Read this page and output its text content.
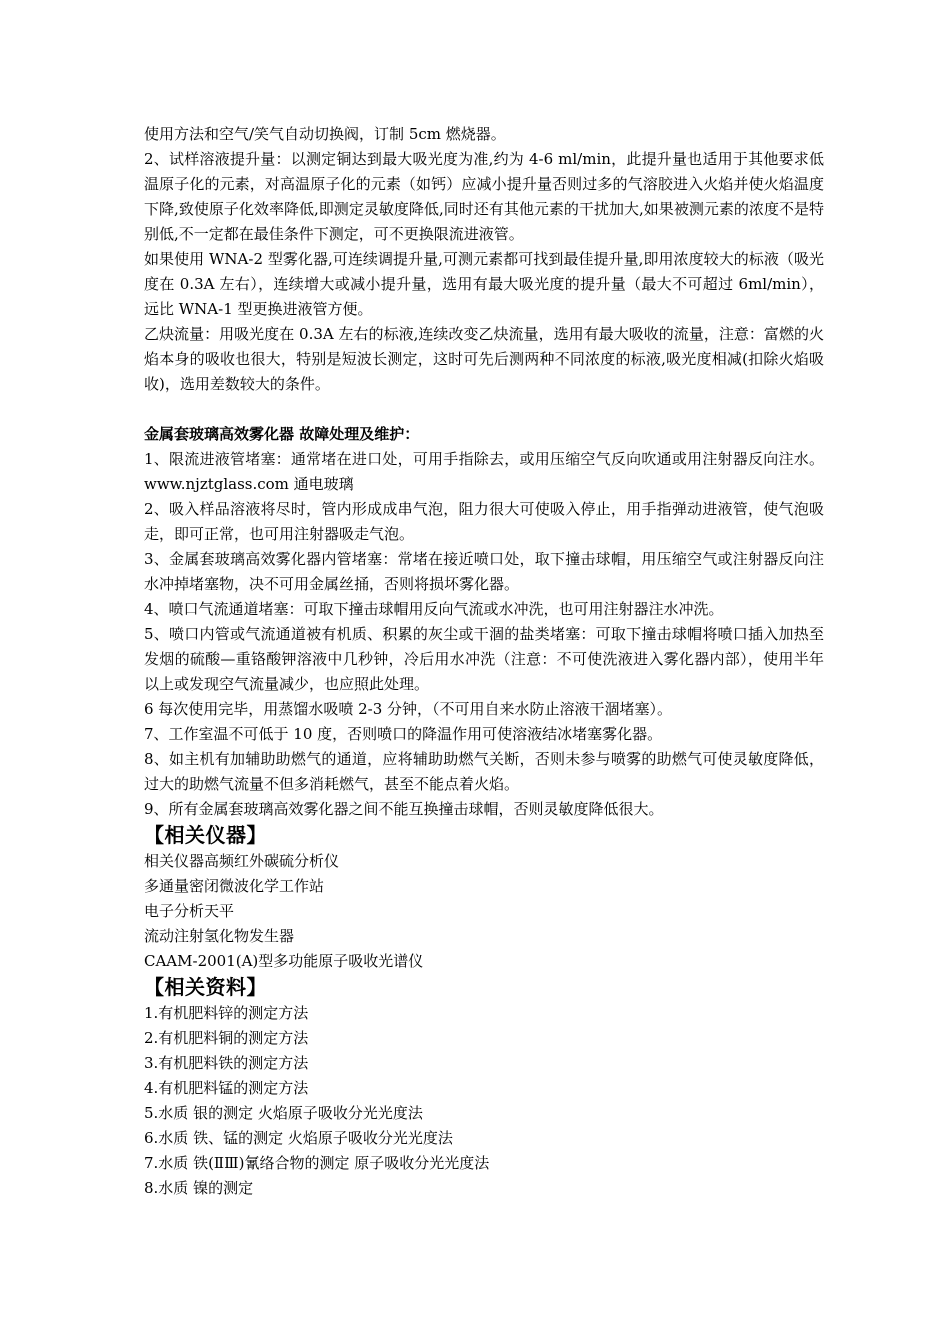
使用方法和空气/笑气自动切换阀，订制 5cm 燃烧器。

2、试样溶液提升量：以测定铜达到最大吸光度为准,约为 4-6 ml/min，此提升量也适用于其他要求低温原子化的元素，对高温原子化的元素（如钙）应减小提升量否则过多的气溶胶进入火焰并使火焰温度下降,致使原子化效率降低,即测定灵敏度降低,同时还有其他元素的干扰加大,如果被测元素的浓度不是特别低,不一定都在最佳条件下测定，可不更换限流进液管。

如果使用 WNA-2 型雾化器,可连续调提升量,可测元素都可找到最佳提升量,即用浓度较大的标液（吸光度在 0.3A 左右），连续增大或减小提升量，选用有最大吸光度的提升量（最大不可超过 6ml/min），远比 WNA-1 型更换进液管方便。

乙炔流量：用吸光度在 0.3A 左右的标液,连续改变乙炔流量，选用有最大吸收的流量，注意：富燃的火焰本身的吸收也很大，特别是短波长测定，这时可先后测两种不同浓度的标液,吸光度相减(扣除火焰吸收)，选用差数较大的条件。

金属套玻璃高效雾化器 故障处理及维护：

1、限流进液管堵塞：通常堵在进口处，可用手指除去，或用压缩空气反向吹通或用注射器反向注水。www.njztglass.com 通电玻璃

2、吸入样品溶液将尽时，管内形成成串气泡，阻力很大可使吸入停止，用手指弹动进液管，使气泡吸走，即可正常，也可用注射器吸走气泡。

3、金属套玻璃高效雾化器内管堵塞：常堵在接近喷口处，取下撞击球帽，用压缩空气或注射器反向注水冲掉堵塞物，决不可用金属丝捅，否则将损坏雾化器。

4、喷口气流通道堵塞：可取下撞击球帽用反向气流或水冲洗，也可用注射器注水冲洗。

5、喷口内管或气流通道被有机质、积累的灰尘或干涸的盐类堵塞：可取下撞击球帽将喷口插入加热至发烟的硫酸—重铬酸钾溶液中几秒钟，冷后用水冲洗（注意：不可使洗液进入雾化器内部），使用半年以上或发现空气流量减少，也应照此处理。

6 每次使用完毕，用蒸馏水吸喷 2-3 分钟，（不可用自来水防止溶液干涸堵塞）。

7、工作室温不可低于 10 度，否则喷口的降温作用可使溶液结冰堵塞雾化器。

8、如主机有加辅助助燃气的通道，应将辅助助燃气关断，否则未参与喷雾的助燃气可使灵敏度降低，过大的助燃气流量不但多消耗燃气，甚至不能点着火焰。

9、所有金属套玻璃高效雾化器之间不能互换撞击球帽，否则灵敏度降低很大。

【相关仪器】

相关仪器高频红外碳硫分析仪

多通量密闭微波化学工作站

电子分析天平

流动注射氢化物发生器

CAAM-2001(A)型多功能原子吸收光谱仪

【相关资料】

1.有机肥料锌的测定方法

2.有机肥料铜的测定方法

3.有机肥料铁的测定方法

4.有机肥料锰的测定方法

5.水质 银的测定 火焰原子吸收分光光度法

6.水质 铁、锰的测定 火焰原子吸收分光光度法

7.水质 铁(ⅡⅢ)氰络合物的测定 原子吸收分光光度法

8.水质 镍的测定
